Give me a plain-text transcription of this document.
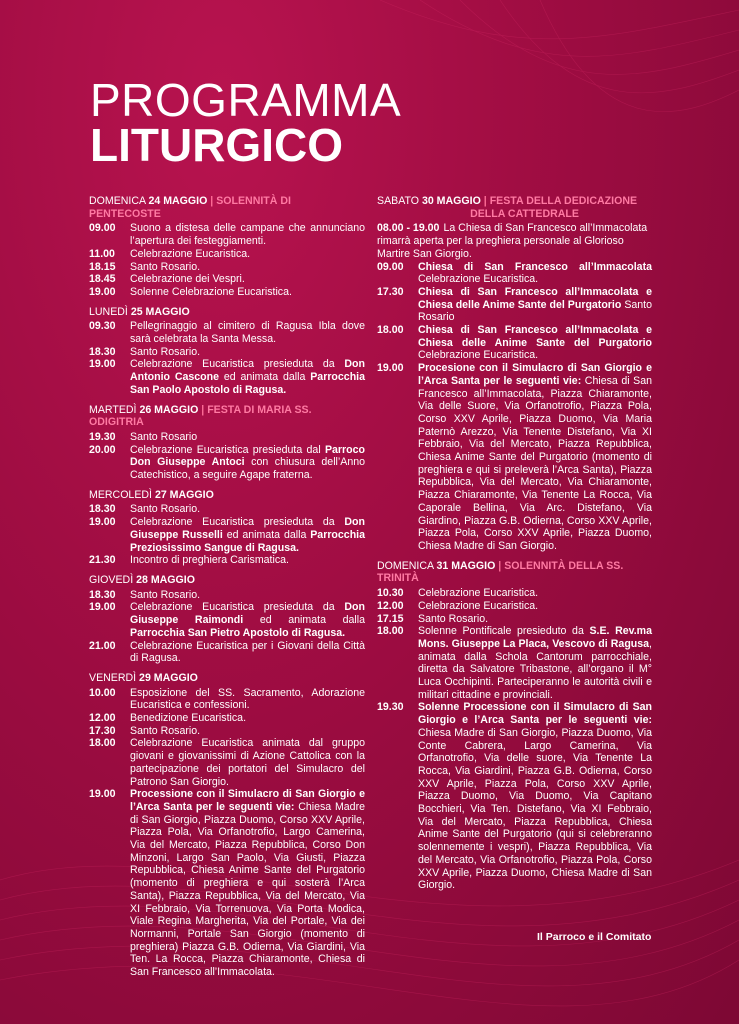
PROGRAMMA
LITURGICO
DOMENICA 24 MAGGIO | SOLENNITÀ DI PENTECOSTE
09.00	Suono a distesa delle campane che annunciano l’apertura dei festeggiamenti.
11.00	Celebrazione Eucaristica.
18.15	Santo Rosario.
18.45	Celebrazione dei Vespri.
19.00	Solenne Celebrazione Eucaristica.
LUNEDÌ 25 MAGGIO
09.30	Pellegrinaggio al cimitero di Ragusa Ibla dove sarà celebrata la Santa Messa.
18.30	Santo Rosario.
19.00	Celebrazione Eucaristica presieduta da Don Antonio Cascone ed animata dalla Parrocchia San Paolo Apostolo di Ragusa.
MARTEDÌ 26 MAGGIO | FESTA DI MARIA SS. ODIGITRIA
19.30	Santo Rosario
20.00	Celebrazione Eucaristica presieduta dal Parroco Don Giuseppe Antoci con chiusura dell’Anno Catechistico, a seguire Agape fraterna.
MERCOLEDÌ 27 MAGGIO
18.30	Santo Rosario.
19.00	Celebrazione Eucaristica presieduta da Don Giuseppe Russelli ed animata dalla Parrocchia Preziosissimo Sangue di Ragusa.
21.30	Incontro di preghiera Carismatica.
GIOVEDÌ 28 MAGGIO
18.30	Santo Rosario.
19.00	Celebrazione Eucaristica presieduta da Don Giuseppe Raimondi ed animata dalla Parrocchia San Pietro Apostolo di Ragusa.
21.00	Celebrazione Eucaristica per i Giovani della Città di Ragusa.
VENERDÌ 29 MAGGIO
10.00	Esposizione del SS. Sacramento, Adorazione Eucaristica e confessioni.
12.00	Benedizione Eucaristica.
17.30	Santo Rosario.
18.00	Celebrazione Eucaristica animata dal gruppo giovani e giovanissimi di Azione Cattolica con la partecipazione dei portatori del Simulacro del Patrono San Giorgio.
19.00	Processione con il Simulacro di San Giorgio e l’Arca Santa per le seguenti vie: Chiesa Madre di San Giorgio, Piazza Duomo, Corso XXV Aprile, Piazza Pola, Via Orfanotrofio, Largo Camerina, Via del Mercato, Piazza Repubblica, Corso Don Minzoni, Largo San Paolo, Via Giusti, Piazza Repubblica, Chiesa Anime Sante del Purgatorio (momento di preghiera e qui sosterà l’Arca Santa), Piazza Repubblica, Via del Mercato, Via XI Febbraio, Via Torrenuova, Via Porta Modica, Viale Regina Margherita, Via del Portale, Via dei Normanni, Portale San Giorgio (momento di preghiera) Piazza G.B. Odierna, Via Giardini, Via Ten. La Rocca, Piazza Chiaramonte, Chiesa di San Francesco all’Immacolata.
SABATO 30 MAGGIO | FESTA DELLA DEDICAZIONE
DELLA CATTEDRALE
08.00 - 19.00 La Chiesa di San Francesco all’Immacolata rimarrà aperta per la preghiera personale al Glorioso Martire San Giorgio.
09.00	Chiesa di San Francesco all’Immacolata Celebrazione Eucaristica.
17.30	Chiesa di San Francesco all’Immacolata e Chiesa delle Anime Sante del Purgatorio Santo Rosario
18.00	Chiesa di San Francesco all’Immacolata e Chiesa delle Anime Sante del Purgatorio Celebrazione Eucaristica.
19.00	Procesione con il Simulacro di San Giorgio e l’Arca Santa per le seguenti vie: Chiesa di San Francesco all’Immacolata, Piazza Chiaramonte, Via delle Suore, Via Orfanotrofio, Piazza Pola, Corso XXV Aprile, Piazza Duomo, Via Maria Paternò Arezzo, Via Tenente Distefano, Via XI Febbraio, Via del Mercato, Piazza Repubblica, Chiesa Anime Sante del Purgatorio (momento di preghiera e qui si preleverà l’Arca Santa), Piazza Repubblica, Via del Mercato, Via Chiaramonte, Piazza Chiaramonte, Via Tenente La Rocca, Via Caporale Bellina, Via Arc. Distefano, Via Giardino, Piazza G.B. Odierna, Corso XXV Aprile, Piazza Pola, Corso XXV Aprile, Piazza Duomo, Chiesa Madre di San Giorgio.
DOMENICA 31 MAGGIO | SOLENNITÀ DELLA SS. TRINITÀ
10.30	Celebrazione Eucaristica.
12.00	Celebrazione Eucaristica.
17.15	Santo Rosario.
18.00	Solenne Pontificale presieduto da S.E. Rev.ma Mons. Giuseppe La Placa, Vescovo di Ragusa, animata dalla Schola Cantorum parrocchiale, diretta da Salvatore Tribastone, all’organo il M° Luca Occhipinti. Parteciperanno le autorità civili e militari cittadine e provinciali.
19.30	Solenne Processione con il Simulacro di San Giorgio e l’Arca Santa per le seguenti vie: Chiesa Madre di San Giorgio, Piazza Duomo, Via Conte Cabrera, Largo Camerina, Via Orfanotrofio, Via delle suore, Via Tenente La Rocca, Via Giardini, Piazza G.B. Odierna, Corso XXV Aprile, Piazza Pola, Corso XXV Aprile, Piazza Duomo, Via Duomo, Via Capitano Bocchieri, Via Ten. Distefano, Via XI Febbraio, Via del Mercato, Piazza Repubblica, Chiesa Anime Sante del Purgatorio (qui si celebreranno solennemente i vespri), Piazza Repubblica, Via del Mercato, Via Orfanotrofio, Piazza Pola, Corso XXV Aprile, Piazza Duomo, Chiesa Madre di San Giorgio.
Il Parroco e il Comitato
